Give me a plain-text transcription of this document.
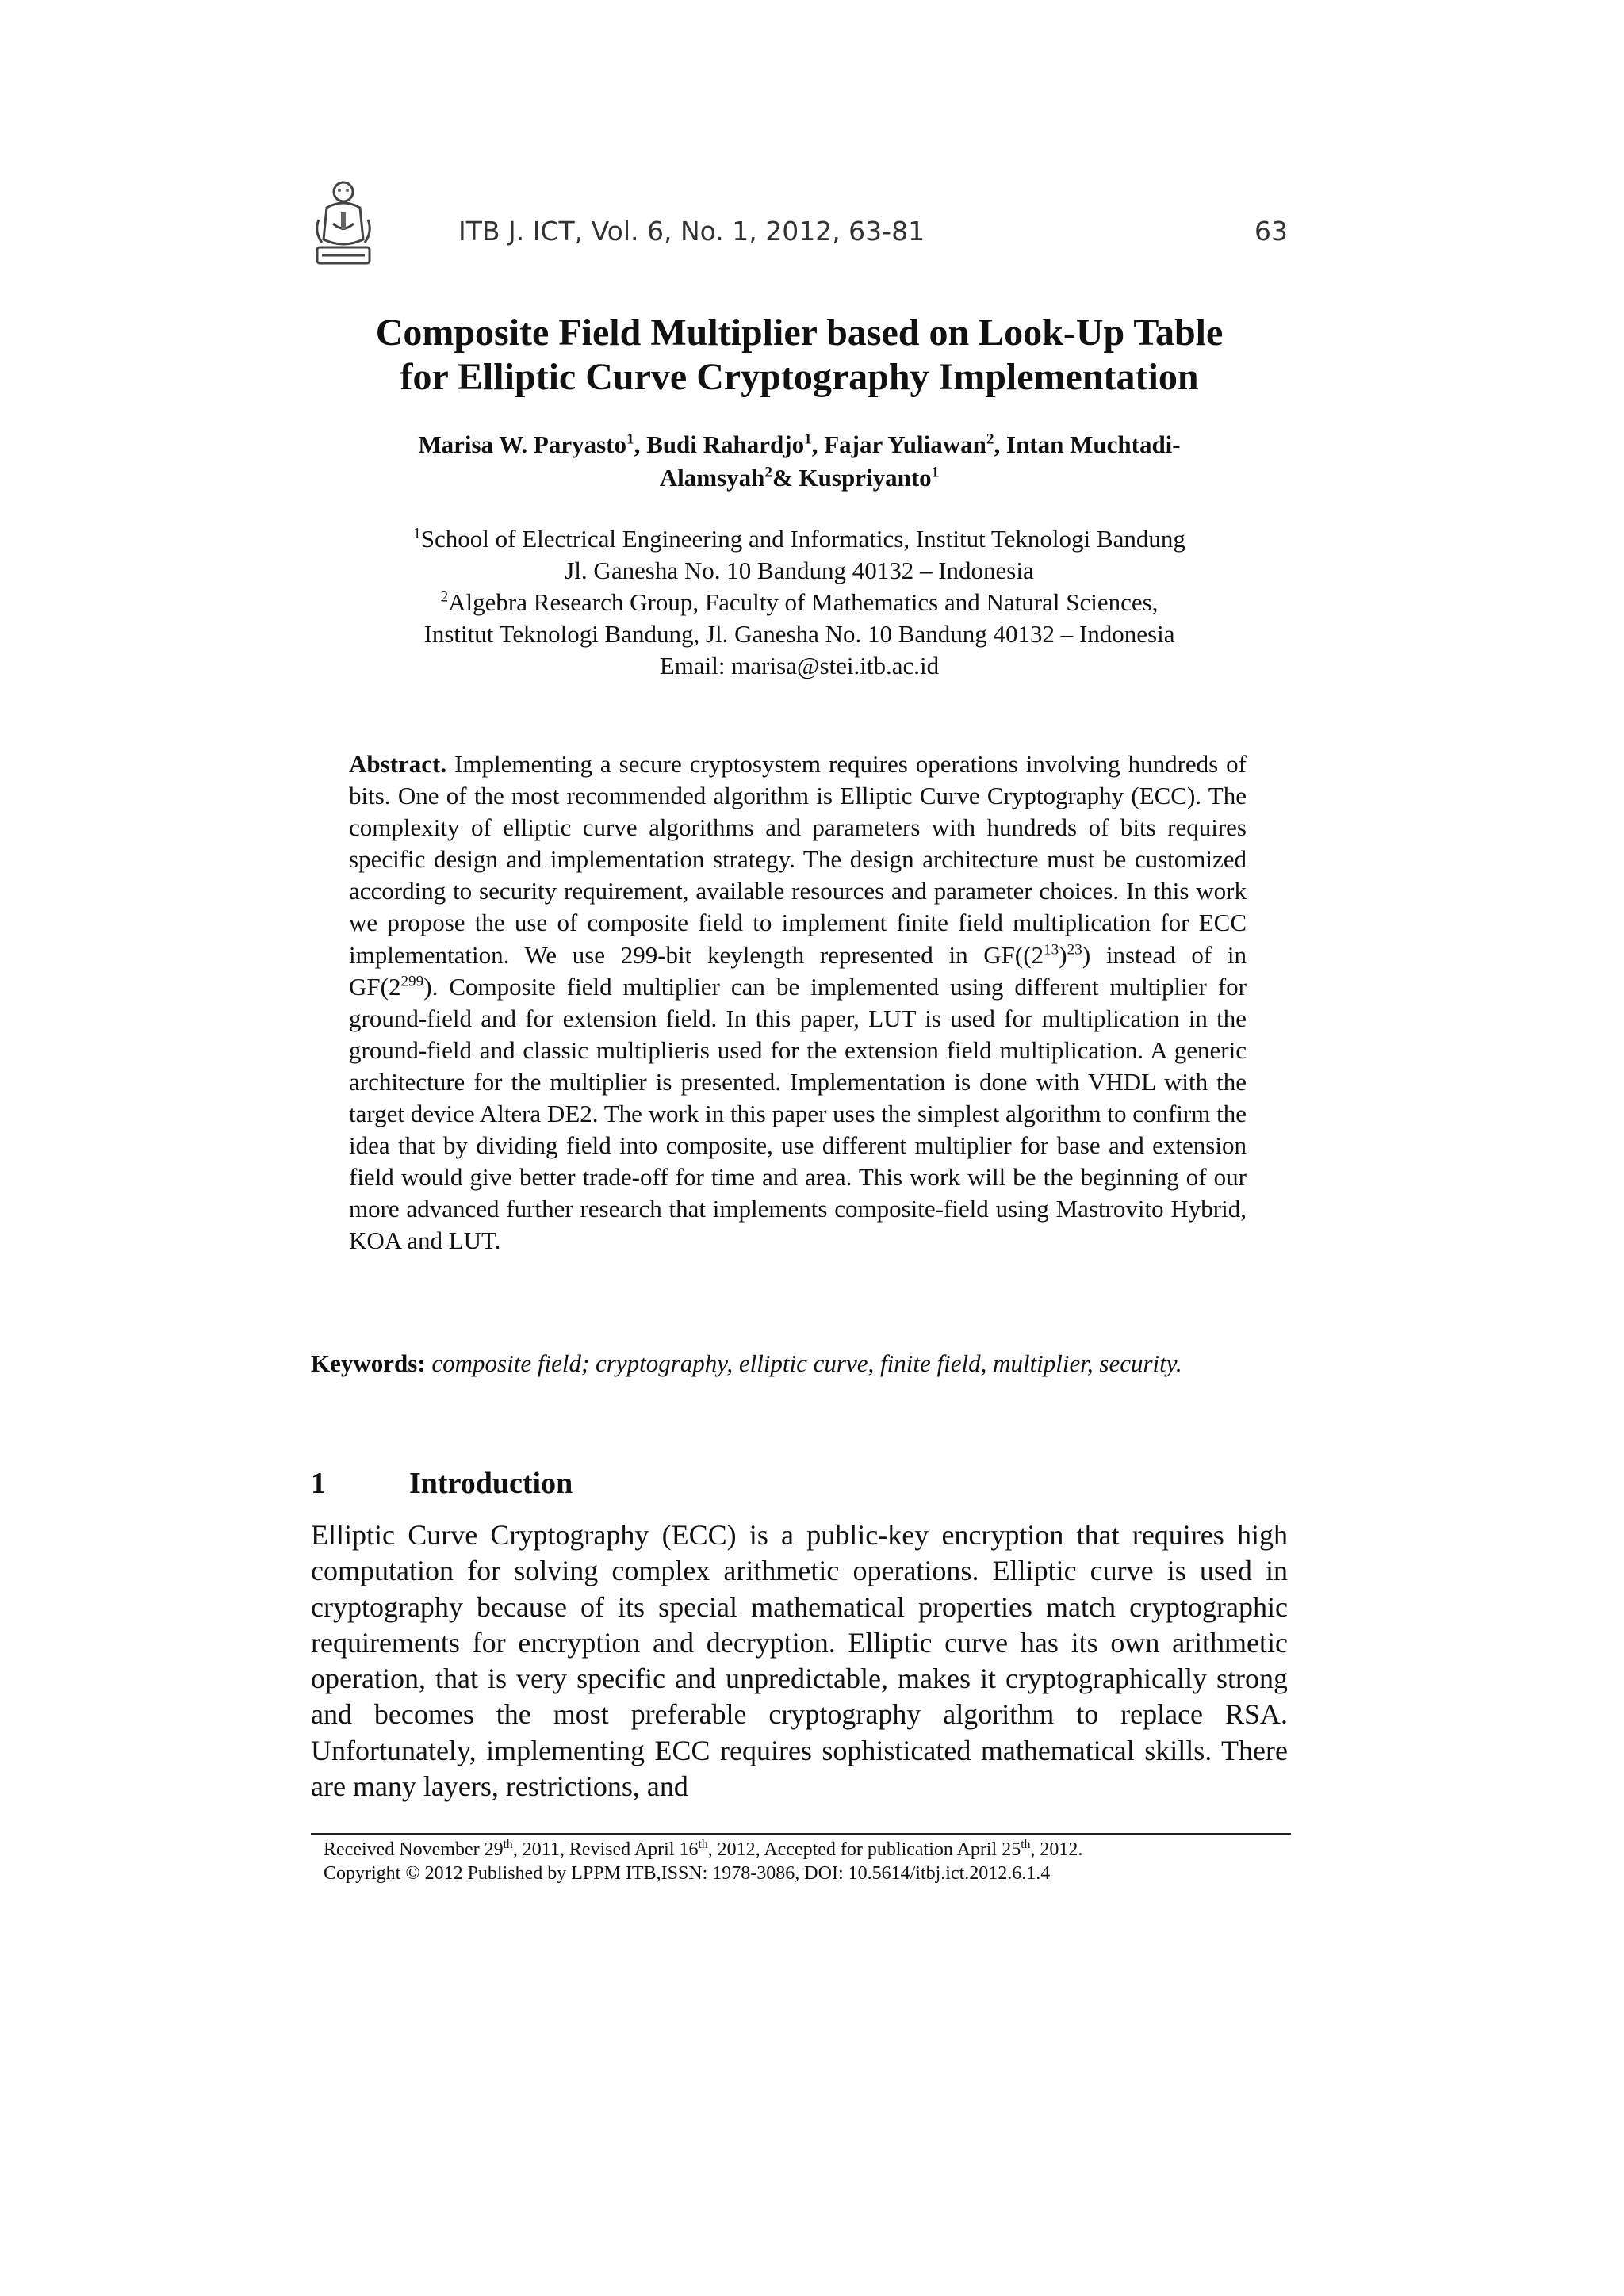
ITB J. ICT, Vol. 6, No. 1, 2012, 63-81	63
Composite Field Multiplier based on Look-Up Table
for Elliptic Curve Cryptography Implementation
Marisa W. Paryasto$^1$, Budi Rahardjo$^1$, Fajar Yuliawan$^2$, Intan Muchtadi-
Alamsyah$^2$& Kuspriyanto$^1$
$^1$School of Electrical Engineering and Informatics, Institut Teknologi Bandung
Jl. Ganesha No. 10 Bandung 40132 – Indonesia
$^2$Algebra Research Group, Faculty of Mathematics and Natural Sciences,
Institut Teknologi Bandung, Jl. Ganesha No. 10 Bandung 40132 – Indonesia
Email: marisa@stei.itb.ac.id
Abstract. Implementing a secure cryptosystem requires operations involving hundreds of bits. One of the most recommended algorithm is Elliptic Curve Cryptography (ECC). The complexity of elliptic curve algorithms and parameters with hundreds of bits requires specific design and implementation strategy. The design architecture must be customized according to security requirement, available resources and parameter choices. In this work we propose the use of composite field to implement finite field multiplication for ECC implementation. We use 299-bit keylength represented in $GF((2^{13})^{23})$ instead of in $GF(2^{299})$. Composite field multiplier can be implemented using different multiplier for ground-field and for extension field. In this paper, LUT is used for multiplication in the ground-field and classic multiplieris used for the extension field multiplication. A generic architecture for the multiplier is presented. Implementation is done with VHDL with the target device Altera DE2. The work in this paper uses the simplest algorithm to confirm the idea that by dividing field into composite, use different multiplier for base and extension field would give better trade-off for time and area. This work will be the beginning of our more advanced further research that implements composite-field using Mastrovito Hybrid, KOA and LUT.
Keywords: composite field; cryptography, elliptic curve, finite field, multiplier, security.
1	Introduction
Elliptic Curve Cryptography (ECC) is a public-key encryption that requires high computation for solving complex arithmetic operations. Elliptic curve is used in cryptography because of its special mathematical properties match cryptographic requirements for encryption and decryption. Elliptic curve has its own arithmetic operation, that is very specific and unpredictable, makes it cryptographically strong and becomes the most preferable cryptography algorithm to replace RSA. Unfortunately, implementing ECC requires sophisticated mathematical skills. There are many layers, restrictions, and
Received November 29th, 2011, Revised April 16th, 2012, Accepted for publication April 25th, 2012.
Copyright © 2012 Published by LPPM ITB,ISSN: 1978-3086, DOI: 10.5614/itbj.ict.2012.6.1.4
